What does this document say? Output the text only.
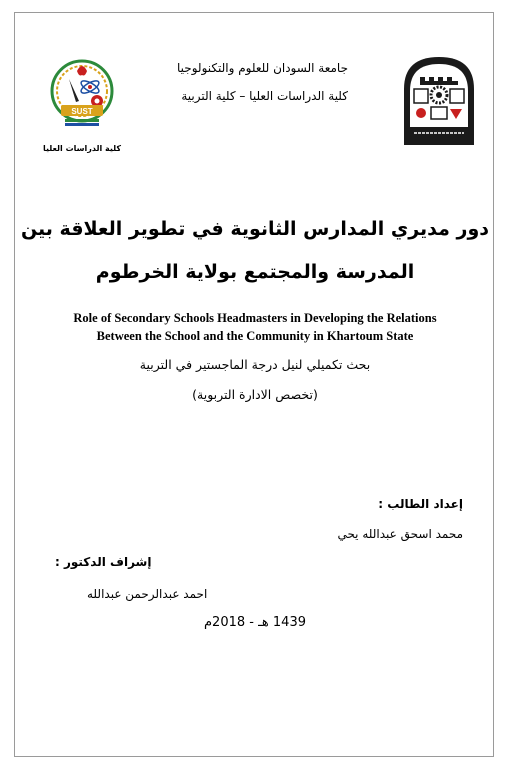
SUST
كلية الدراسات العليا
جامعة السودان للعلوم والتكنولوجيا
كلية الدراسات العليا – كلية التربية
دور مديري المدارس الثانوية في تطوير العلاقة بين
المدرسة والمجتمع بولاية الخرطوم
Role of Secondary Schools Headmasters in Developing the Relations
Between the School and the Community in Khartoum State
بحث تكميلي لنيل درجة الماجستير في التربية
(تخصص الادارة التربوية)
إعداد الطالب :
محمد اسحق عبدالله يحي
إشراف الدكتور :
احمد عبدالرحمن عبدالله
1439 هـ - 2018م
